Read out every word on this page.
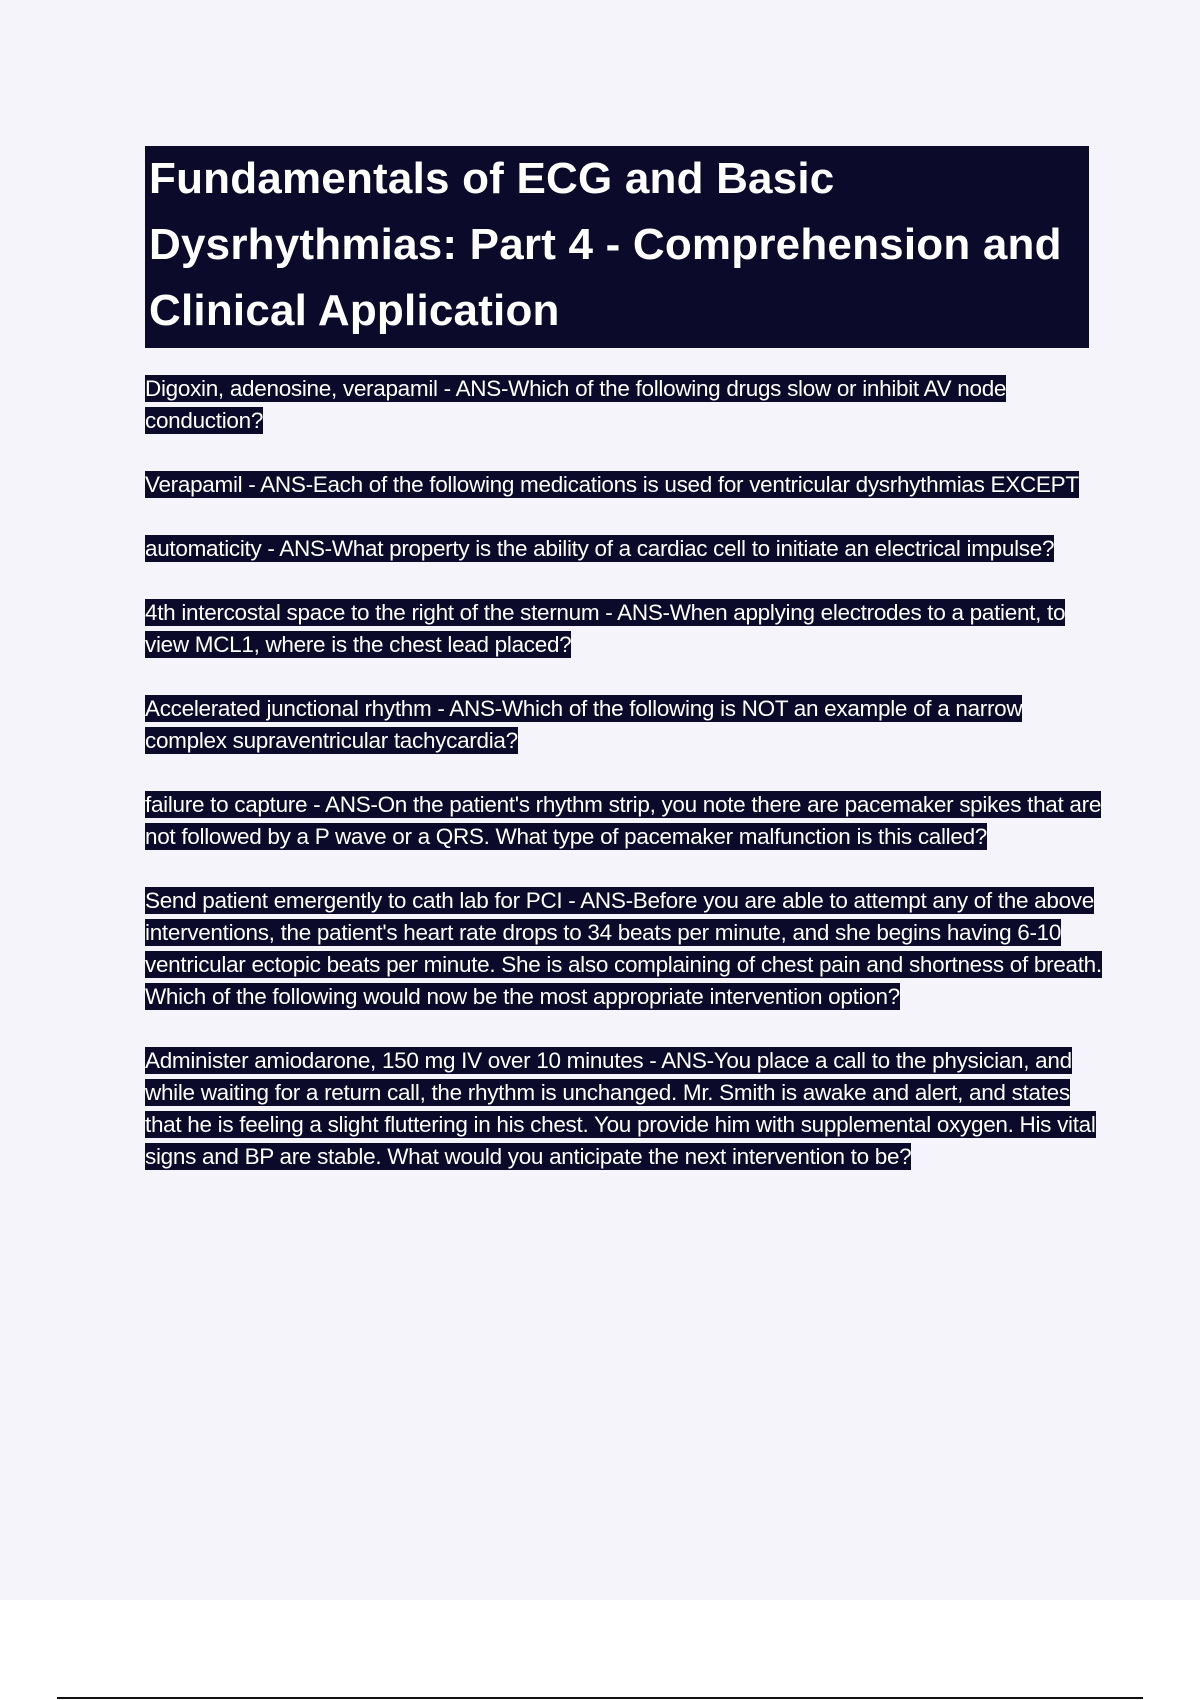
Fundamentals of ECG and Basic Dysrhythmias: Part 4 - Comprehension and Clinical Application

Digoxin, adenosine, verapamil - ANS-Which of the following drugs slow or inhibit AV node conduction?

Verapamil - ANS-Each of the following medications is used for ventricular dysrhythmias EXCEPT

automaticity - ANS-What property is the ability of a cardiac cell to initiate an electrical impulse?

4th intercostal space to the right of the sternum - ANS-When applying electrodes to a patient, to view MCL1, where is the chest lead placed?

Accelerated junctional rhythm - ANS-Which of the following is NOT an example of a narrow complex supraventricular tachycardia?

failure to capture - ANS-On the patient's rhythm strip, you note there are pacemaker spikes that are not followed by a P wave or a QRS. What type of pacemaker malfunction is this called?

Send patient emergently to cath lab for PCI - ANS-Before you are able to attempt any of the above interventions, the patient's heart rate drops to 34 beats per minute, and she begins having 6-10 ventricular ectopic beats per minute. She is also complaining of chest pain and shortness of breath. Which of the following would now be the most appropriate intervention option?

Administer amiodarone, 150 mg IV over 10 minutes - ANS-You place a call to the physician, and while waiting for a return call, the rhythm is unchanged. Mr. Smith is awake and alert, and states that he is feeling a slight fluttering in his chest. You provide him with supplemental oxygen. His vital signs and BP are stable. What would you anticipate the next intervention to be?
